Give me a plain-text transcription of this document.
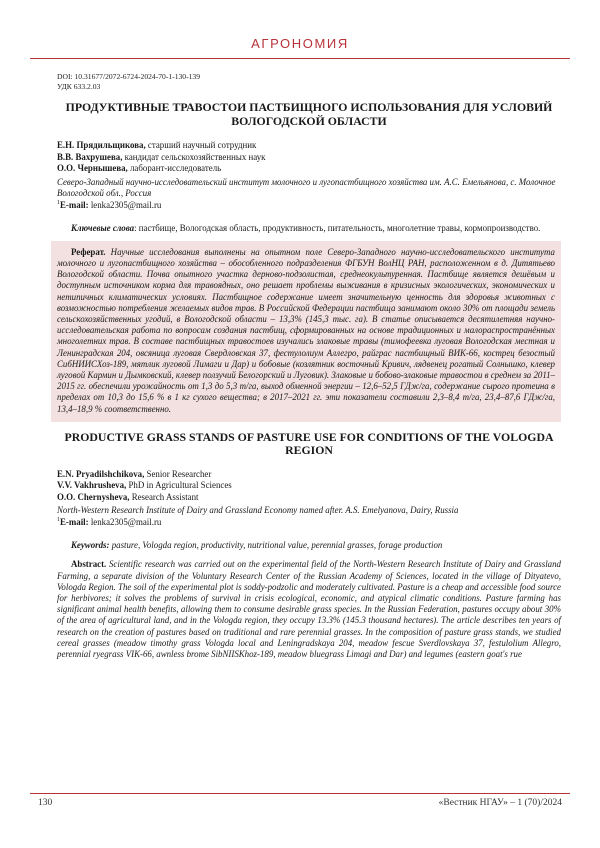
АГРОНОМИЯ
DOI: 10.31677/2072-6724-2024-70-1-130-139
УДК 633.2.03
ПРОДУКТИВНЫЕ ТРАВОСТОИ ПАСТБИЩНОГО ИСПОЛЬЗОВАНИЯ ДЛЯ УСЛОВИЙ ВОЛОГОДСКОЙ ОБЛАСТИ
Е.Н. Прядильщикова, старший научный сотрудник
В.В. Вахрушева, кандидат сельскохозяйственных наук
О.О. Чернышева, лаборант-исследователь
Северо-Западный научно-исследовательский институт молочного и лугопастбищного хозяйства им. А.С. Емельянова, с. Молочное Вологодской обл., Россия
$^1$E-mail: lenka2305@mail.ru
Ключевые слова: пастбище, Вологодская область, продуктивность, питательность, многолетние травы, кормопроизводство.
Реферат. Научные исследования выполнены на опытном поле Северо-Западного научно-исследовательского института молочного и лугопастбищного хозяйства – обособленного подразделения ФГБУН ВолНЦ РАН, расположенном в д. Дитятьево Вологодской области. Почва опытного участка дерново-подзолистая, среднеокультуренная. Пастбище является дешёвым и доступным источником корма для травоядных, оно решает проблемы выживания в кризисных экологических, экономических и нетипичных климатических условиях. Пастбищное содержание имеет значительную ценность для здоровья животных с возможностью потребления желаемых видов трав. В Российской Федерации пастбища занимают около 30% от площади земель сельскохозяйственных угодий, в Вологодской области – 13,3% (145,3 тыс. га). В статье описывается десятилетняя научно-исследовательская работа по вопросам создания пастбищ, сформированных на основе традиционных и малораспространённых многолетних трав. В составе пастбищных травостоев изучались злаковые травы (тимофеевка луговая Вологодская местная и Ленинградская 204, овсяница луговая Свердловская 37, фестулолиум Аллегро, райграс пастбищный ВИК-66, кострец безостый СибНИИСХоз-189, мятлик луговой Лимаги и Дар) и бобовые (козлятник восточный Кривич, лядвенец рогатый Солнышко, клевер луговой Кармин и Дымковский, клевер ползучий Белогорский и Луговик). Злаковые и бобово-злаковые травостои в среднем за 2011–2015 гг. обеспечили урожайность от 1,3 до 5,3 т/га, выход обменной энергии – 12,6–52,5 ГДж/га, содержание сырого протеина в пределах от 10,3 до 15,6 % в 1 кг сухого вещества; в 2017–2021 гг. эти показатели составили 2,3–8,4 т/га, 23,4–87,6 ГДж/га, 13,4–18,9 % соответственно.
PRODUCTIVE GRASS STANDS OF PASTURE USE FOR CONDITIONS OF THE VOLOGDA REGION
E.N. Pryadilshchikova, Senior Researcher
V.V. Vakhrusheva, PhD in Agricultural Sciences
O.O. Chernysheva, Research Assistant
North-Western Research Institute of Dairy and Grassland Economy named after. A.S. Emelyanova, Dairy, Russia
$^1$E-mail: lenka2305@mail.ru
Keywords: pasture, Vologda region, productivity, nutritional value, perennial grasses, forage production
Abstract. Scientific research was carried out on the experimental field of the North-Western Research Institute of Dairy and Grassland Farming, a separate division of the Voluntary Research Center of the Russian Academy of Sciences, located in the village of Dityatevo, Vologda Region. The soil of the experimental plot is soddy-podzolic and moderately cultivated. Pasture is a cheap and accessible food source for herbivores; it solves the problems of survival in crisis ecological, economic, and atypical climatic conditions. Pasture farming has significant animal health benefits, allowing them to consume desirable grass species. In the Russian Federation, pastures occupy about 30% of the area of agricultural land, and in the Vologda region, they occupy 13.3% (145.3 thousand hectares). The article describes ten years of research on the creation of pastures based on traditional and rare perennial grasses. In the composition of pasture grass stands, we studied cereal grasses (meadow timothy grass Vologda local and Leningradskaya 204, meadow fescue Sverdlovskaya 37, festulolium Allegro, perennial ryegrass VIK-66, awnless brome SibNIISKhoz-189, meadow bluegrass Limagi and Dar) and legumes (eastern goat's rue
130	«Вестник НГАУ» – 1 (70)/2024
